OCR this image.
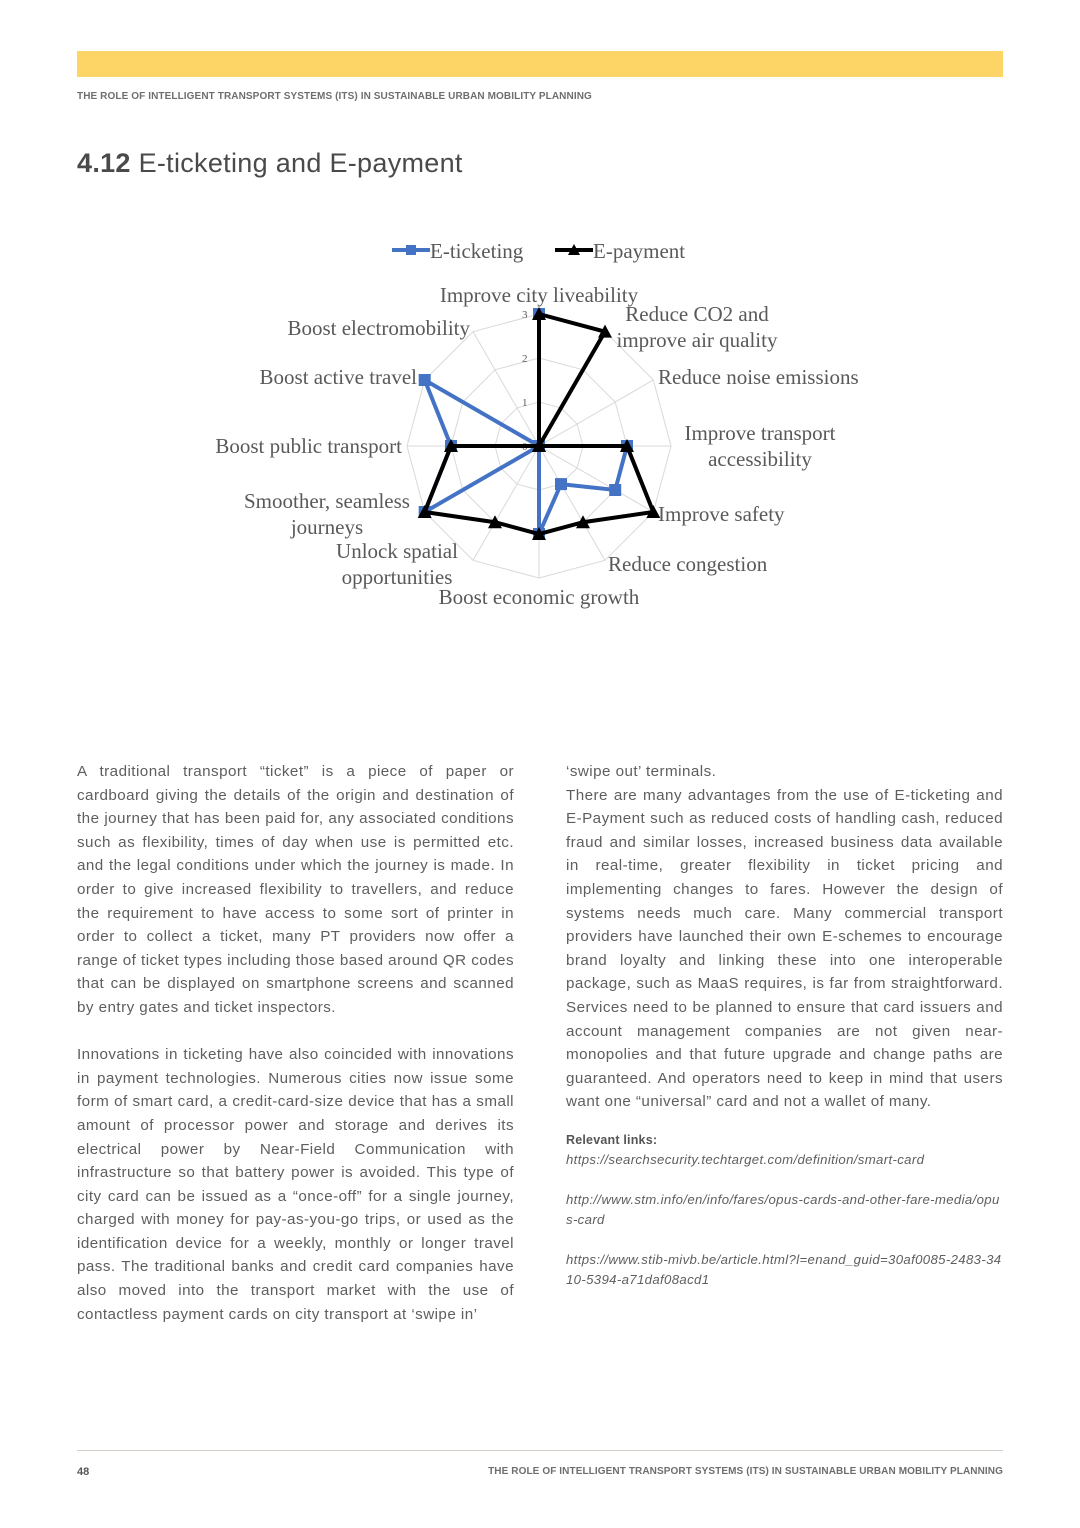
THE ROLE OF INTELLIGENT TRANSPORT SYSTEMS (ITS) IN SUSTAINABLE URBAN MOBILITY PLANNING
4.12 E-ticketing and E-payment
0
1
2
3
Improve city liveability
Reduce CO2 and improve air quality
Reduce noise emissions
Improve transport accessibility
Improve safety
Reduce congestion
Boost economic growth
Unlock spatial opportunities
Smoother, seamless journeys
Boost public transport
Boost active travel
Boost electromobility
E-ticketing	E-payment

A traditional transport “ticket” is a piece of paper or cardboard giving the details of the origin and destination of the journey that has been paid for, any associated conditions such as flexibility, times of day when use is permitted etc. and the legal conditions under which the journey is made. In order to give increased flexibility to travellers, and reduce the requirement to have access to some sort of printer in order to collect a ticket, many PT providers now offer a range of ticket types including those based around QR codes that can be displayed on smartphone screens and scanned by entry gates and ticket inspectors.

Innovations in ticketing have also coincided with innovations in payment technologies. Numerous cities now issue some form of smart card, a credit-card-size device that has a small amount of processor power and storage and derives its electrical power by Near-Field Communication with infrastructure so that battery power is avoided. This type of city card can be issued as a “once-off” for a single journey, charged with money for pay-as-you-go trips, or used as the identification device for a weekly, monthly or longer travel pass. The traditional banks and credit card companies have also moved into the transport market with the use of contactless payment cards on city transport at ‘swipe in’

‘swipe out’ terminals.

There are many advantages from the use of E-ticketing and E-Payment such as reduced costs of handling cash, reduced fraud and similar losses, increased business data available in real-time, greater flexibility in ticket pricing and implementing changes to fares. However the design of systems needs much care. Many commercial transport providers have launched their own E-schemes to encourage brand loyalty and linking these into one interoperable package, such as MaaS requires, is far from straightforward. Services need to be planned to ensure that card issuers and account management companies are not given near-monopolies and that future upgrade and change paths are guaranteed. And operators need to keep in mind that users want one “universal” card and not a wallet of many.

Relevant links:
https://searchsecurity.techtarget.com/definition/smart-card
http://www.stm.info/en/info/fares/opus-cards-and-other-fare-media/opus-card
https://www.stib-mivb.be/article.html?l=enand_guid=30af0085-2483-3410-5394-a71daf08acd1
48	THE ROLE OF INTELLIGENT TRANSPORT SYSTEMS (ITS) IN SUSTAINABLE URBAN MOBILITY PLANNING
